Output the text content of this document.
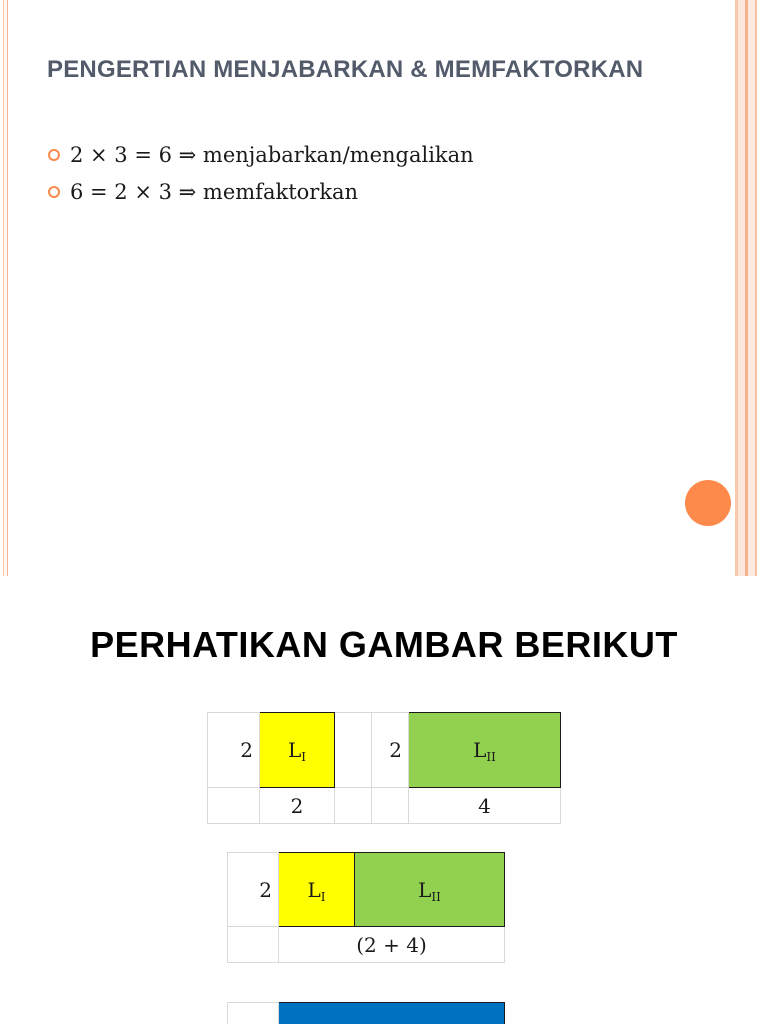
PENGERTIAN MENJABARKAN & MEMFAKTORKAN
2 × 3 = 6 ⇒ menjabarkan/mengalikan
6 = 2 × 3 ⇒ memfaktorkan
PERHATIKAN GAMBAR BERIKUT
2	$L_I$		2	$L_{II}$
	2			4
2	$L_I$	$L_{II}$
	(2 + 4)	
